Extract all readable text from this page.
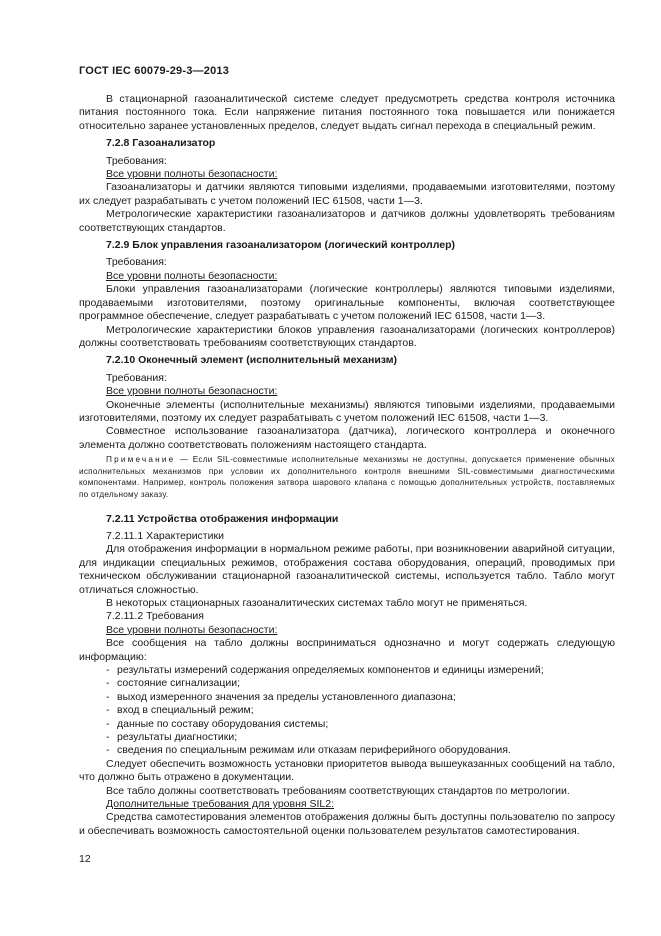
ГОСТ IEC 60079-29-3—2013

В стационарной газоаналитической системе следует предусмотреть средства контроля источника питания постоянного тока. Если напряжение питания постоянного тока повышается или понижается относительно заранее установленных пределов, следует выдать сигнал перехода в специальный режим.

7.2.8 Газоанализатор

Требования:

Все уровни полноты безопасности:

Газоанализаторы и датчики являются типовыми изделиями, продаваемыми изготовителями, поэтому их следует разрабатывать с учетом положений IEC 61508, части 1—3.

Метрологические характеристики газоанализаторов и датчиков должны удовлетворять требованиям соответствующих стандартов.

7.2.9 Блок управления газоанализатором (логический контроллер)

Требования:

Все уровни полноты безопасности:

Блоки управления газоанализаторами (логические контроллеры) являются типовыми изделиями, продаваемыми изготовителями, поэтому оригинальные компоненты, включая соответствующее программное обеспечение, следует разрабатывать с учетом положений IEC 61508, части 1—3.

Метрологические характеристики блоков управления газоанализаторами (логических контроллеров) должны соответствовать требованиям соответствующих стандартов.

7.2.10 Оконечный элемент (исполнительный механизм)

Требования:

Все уровни полноты безопасности:

Оконечные элементы (исполнительные механизмы) являются типовыми изделиями, продаваемыми изготовителями, поэтому их следует разрабатывать с учетом положений IEC 61508, части 1—3.

Совместное использование газоанализатора (датчика), логического контроллера и оконечного элемента должно соответствовать положениям настоящего стандарта.

Примечание — Если SIL-совместимые исполнительные механизмы не доступны, допускается применение обычных исполнительных механизмов при условии их дополнительного контроля внешними SIL-совместимыми диагностическими компонентами. Например, контроль положения затвора шарового клапана с помощью дополнительных устройств, поставляемых по отдельному заказу.

7.2.11 Устройства отображения информации

7.2.11.1 Характеристики

Для отображения информации в нормальном режиме работы, при возникновении аварийной ситуации, для индикации специальных режимов, отображения состава оборудования, операций, проводимых при техническом обслуживании стационарной газоаналитической системы, используется табло. Табло могут отличаться сложностью.

В некоторых стационарных газоаналитических системах табло могут не применяться.

7.2.11.2 Требования

Все уровни полноты безопасности:

Все сообщения на табло должны восприниматься однозначно и могут содержать следующую информацию:

- результаты измерений содержания определяемых компонентов и единицы измерений;
- состояние сигнализации;
- выход измеренного значения за пределы установленного диапазона;
- вход в специальный режим;
- данные по составу оборудования системы;
- результаты диагностики;
- сведения по специальным режимам или отказам периферийного оборудования.

Следует обеспечить возможность установки приоритетов вывода вышеуказанных сообщений на табло, что должно быть отражено в документации.

Все табло должны соответствовать требованиям соответствующих стандартов по метрологии.

Дополнительные требования для уровня SIL2:

Средства самотестирования элементов отображения должны быть доступны пользователю по запросу и обеспечивать возможность самостоятельной оценки пользователем результатов самотестирования.

12
